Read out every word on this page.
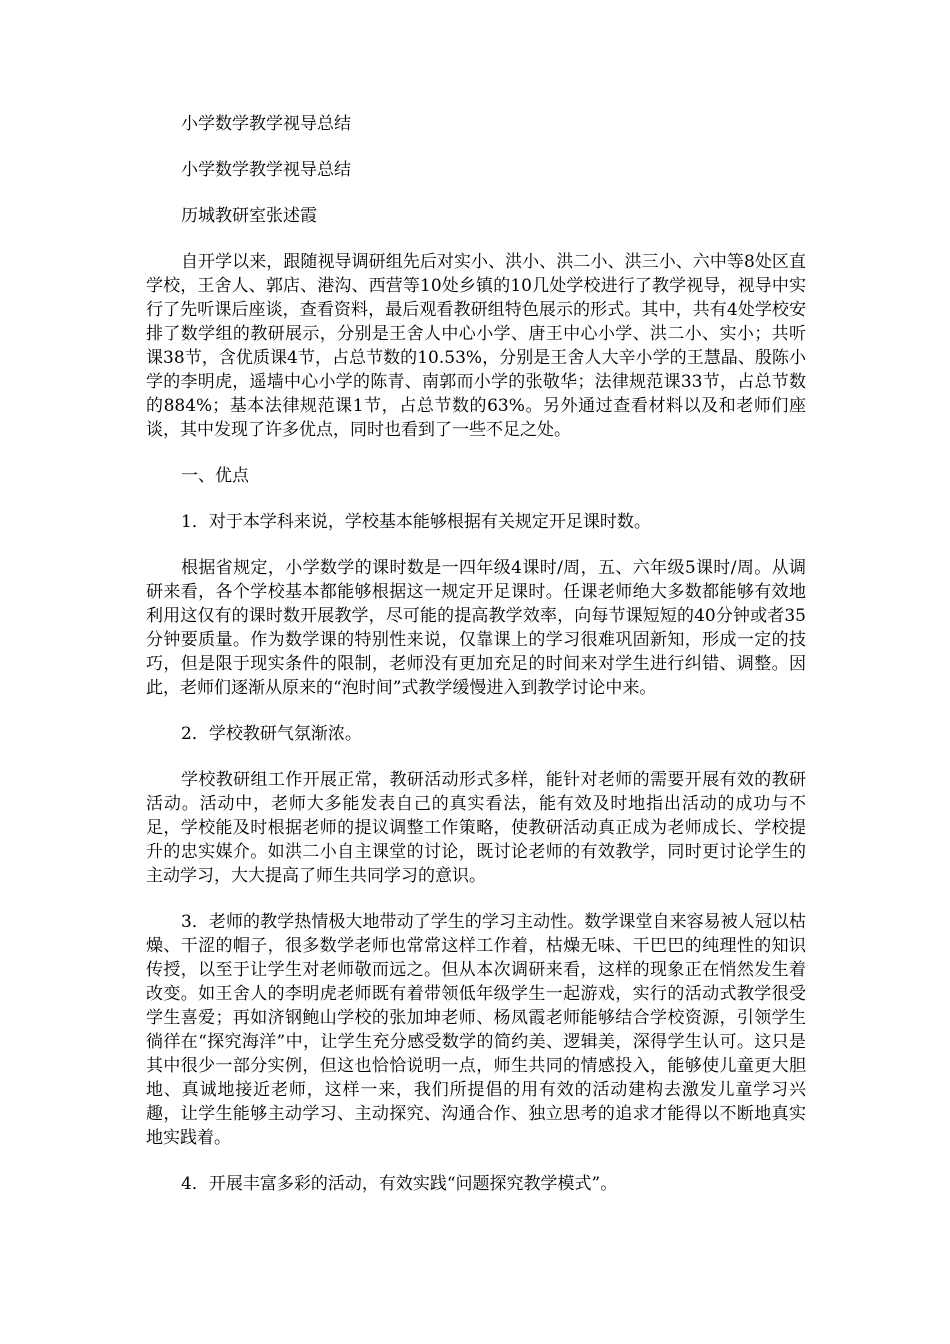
小学数学教学视导总结

小学数学教学视导总结

历城教研室张述霞

自开学以来，跟随视导调研组先后对实小、洪小、洪二小、洪三小、六中等8处区直学校，王舍人、郭店、港沟、西营等10处乡镇的10几处学校进行了教学视导，视导中实行了先听课后座谈，查看资料，最后观看教研组特色展示的形式。其中，共有4处学校安排了数学组的教研展示，分别是王舍人中心小学、唐王中心小学、洪二小、实小；共听课38节，含优质课4节，占总节数的10.53%，分别是王舍人大辛小学的王慧晶、殷陈小学的李明虎，遥墙中心小学的陈青、南郭而小学的张敬华；法律规范课33节，占总节数的884%；基本法律规范课1节，占总节数的63%。另外通过查看材料以及和老师们座谈，其中发现了许多优点，同时也看到了一些不足之处。

一、优点

1．对于本学科来说，学校基本能够根据有关规定开足课时数。

根据省规定，小学数学的课时数是一四年级4课时/周，五、六年级5课时/周。从调研来看，各个学校基本都能够根据这一规定开足课时。任课老师绝大多数都能够有效地利用这仅有的课时数开展教学，尽可能的提高教学效率，向每节课短短的40分钟或者35分钟要质量。作为数学课的特别性来说，仅靠课上的学习很难巩固新知，形成一定的技巧，但是限于现实条件的限制，老师没有更加充足的时间来对学生进行纠错、调整。因此，老师们逐渐从原来的“泡时间”式教学缓慢进入到教学讨论中来。

2．学校教研气氛渐浓。

学校教研组工作开展正常，教研活动形式多样，能针对老师的需要开展有效的教研活动。活动中，老师大多能发表自己的真实看法，能有效及时地指出活动的成功与不足，学校能及时根据老师的提议调整工作策略，使教研活动真正成为老师成长、学校提升的忠实媒介。如洪二小自主课堂的讨论，既讨论老师的有效教学，同时更讨论学生的主动学习，大大提高了师生共同学习的意识。

3．老师的教学热情极大地带动了学生的学习主动性。数学课堂自来容易被人冠以枯燥、干涩的帽子，很多数学老师也常常这样工作着，枯燥无味、干巴巴的纯理性的知识传授，以至于让学生对老师敬而远之。但从本次调研来看，这样的现象正在悄然发生着改变。如王舍人的李明虎老师既有着带领低年级学生一起游戏，实行的活动式教学很受学生喜爱；再如济钢鲍山学校的张加坤老师、杨凤霞老师能够结合学校资源，引领学生徜徉在“探究海洋”中，让学生充分感受数学的简约美、逻辑美，深得学生认可。这只是其中很少一部分实例，但这也恰恰说明一点，师生共同的情感投入，能够使儿童更大胆地、真诚地接近老师，这样一来，我们所提倡的用有效的活动建构去激发儿童学习兴趣，让学生能够主动学习、主动探究、沟通合作、独立思考的追求才能得以不断地真实地实践着。

4．开展丰富多彩的活动，有效实践“问题探究教学模式”。
